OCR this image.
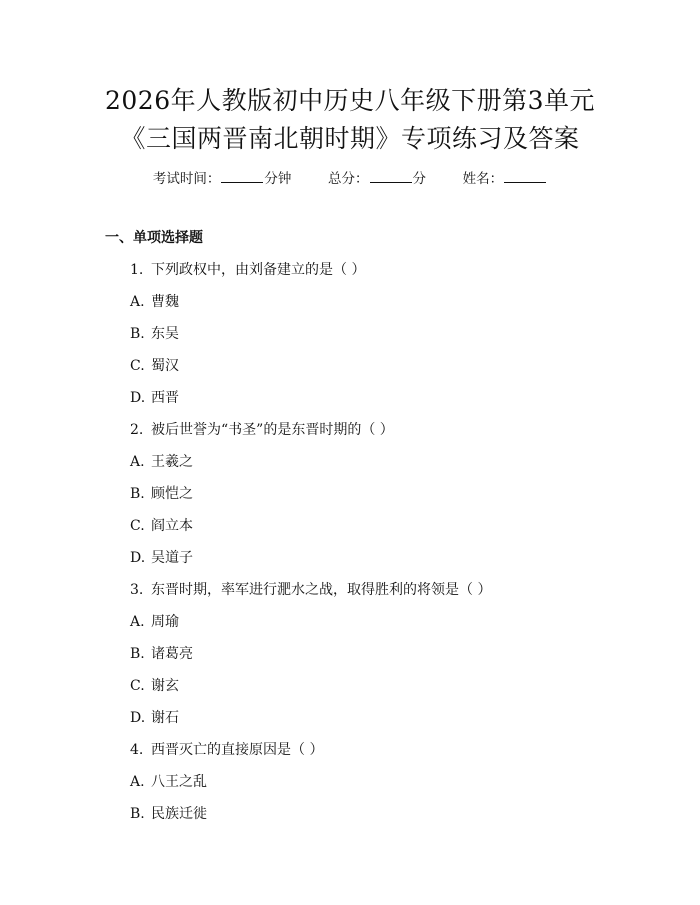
2026年人教版初中历史八年级下册第3单元
《三国两晋南北朝时期》专项练习及答案
考试时间：	分钟	总分：	分	姓名：
一、单项选择题
1. 下列政权中，由刘备建立的是（ ）
A. 曹魏
B. 东吴
C. 蜀汉
D. 西晋
2. 被后世誉为“书圣”的是东晋时期的（ ）
A. 王羲之
B. 顾恺之
C. 阎立本
D. 吴道子
3. 东晋时期，率军进行淝水之战，取得胜利的将领是（ ）
A. 周瑜
B. 诸葛亮
C. 谢玄
D. 谢石
4. 西晋灭亡的直接原因是（ ）
A. 八王之乱
B. 民族迁徙
